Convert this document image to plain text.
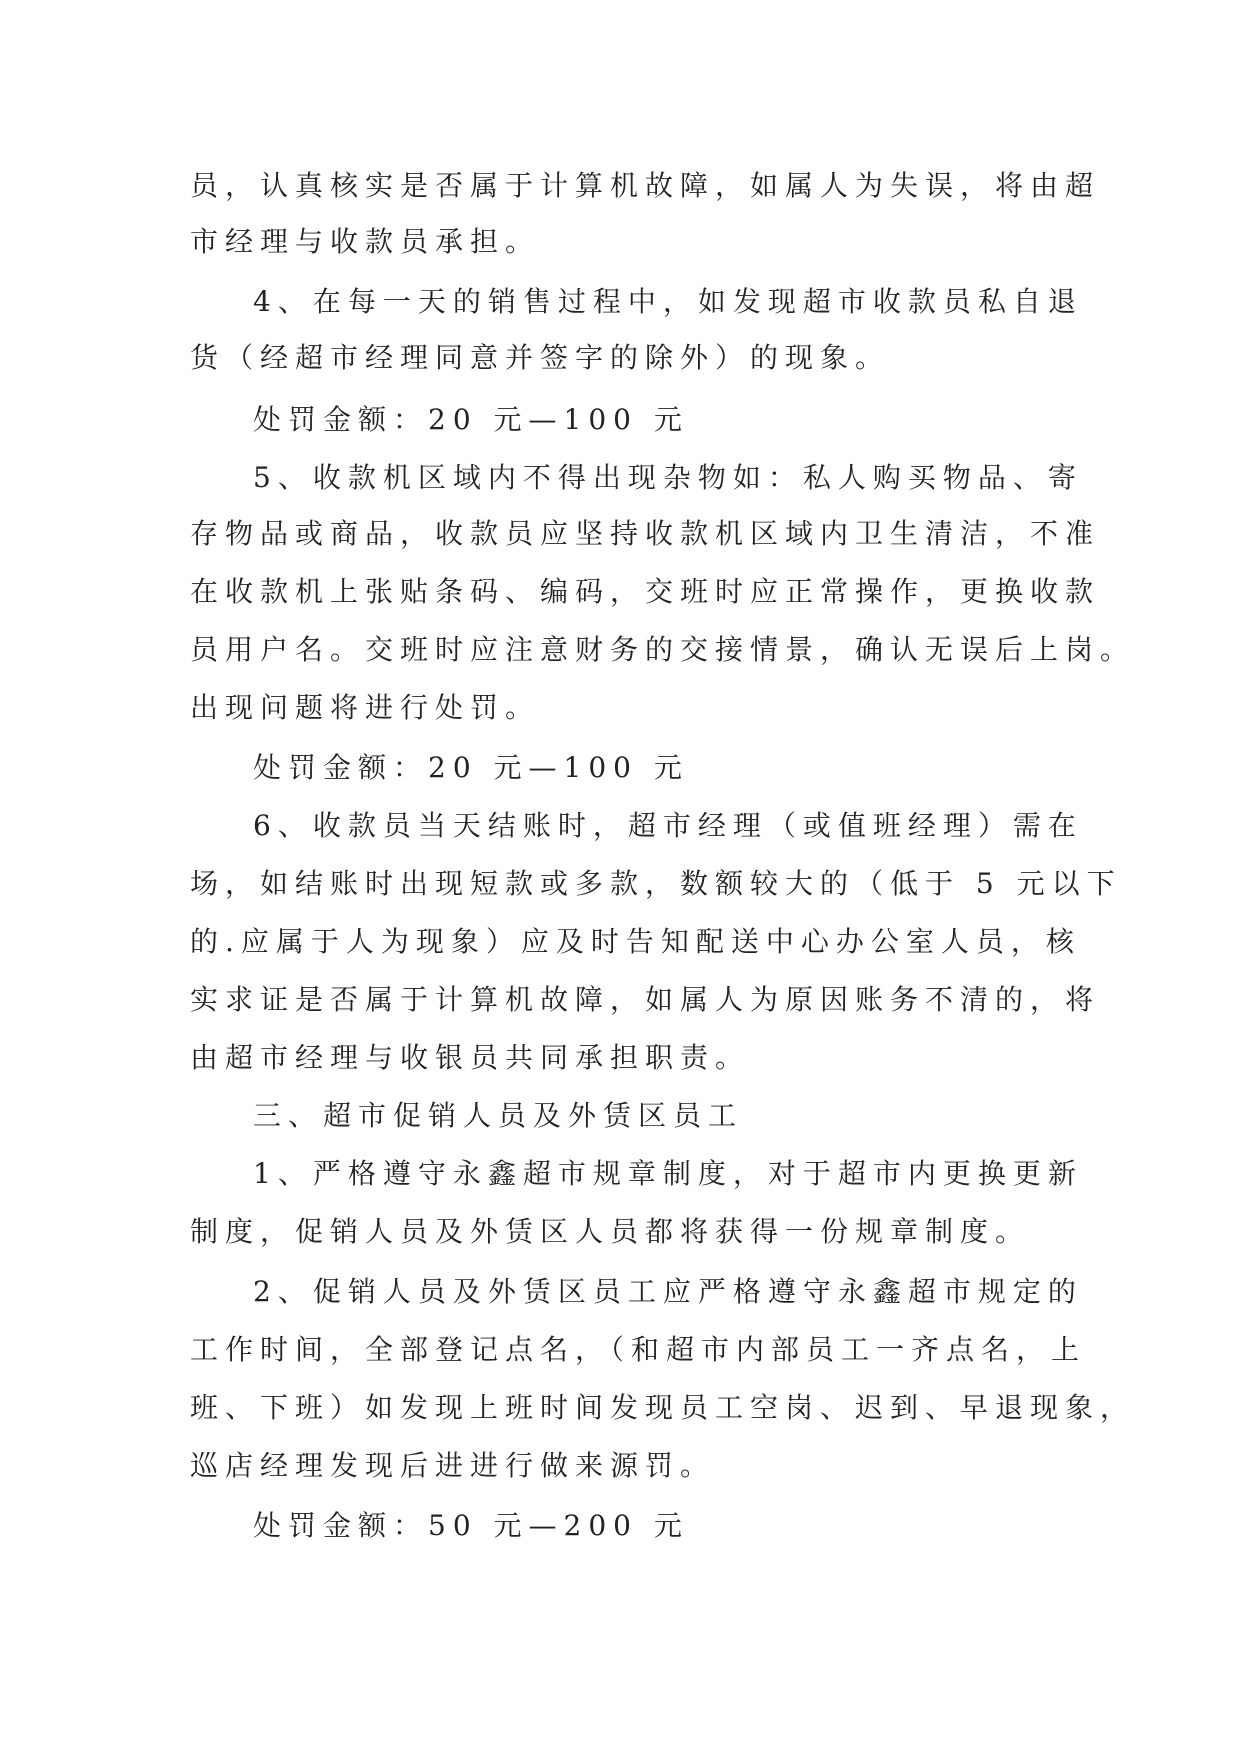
员，认真核实是否属于计算机故障，如属人为失误，将由超
市经理与收款员承担。
4、在每一天的销售过程中，如发现超市收款员私自退
货（经超市经理同意并签字的除外）的现象。
处罚金额：20 元—100 元
5、收款机区域内不得出现杂物如：私人购买物品、寄
存物品或商品，收款员应坚持收款机区域内卫生清洁，不准
在收款机上张贴条码、编码，交班时应正常操作，更换收款
员用户名。交班时应注意财务的交接情景，确认无误后上岗。
出现问题将进行处罚。
处罚金额：20 元—100 元
6、收款员当天结账时，超市经理（或值班经理）需在
场，如结账时出现短款或多款，数额较大的（低于 5 元以下
的.应属于人为现象）应及时告知配送中心办公室人员，核
实求证是否属于计算机故障，如属人为原因账务不清的，将
由超市经理与收银员共同承担职责。
三、超市促销人员及外赁区员工
1、严格遵守永鑫超市规章制度，对于超市内更换更新
制度，促销人员及外赁区人员都将获得一份规章制度。
2、促销人员及外赁区员工应严格遵守永鑫超市规定的
工作时间，全部登记点名，（和超市内部员工一齐点名，上
班、下班）如发现上班时间发现员工空岗、迟到、早退现象，
巡店经理发现后进进行做来源罚。
处罚金额：50 元—200 元
